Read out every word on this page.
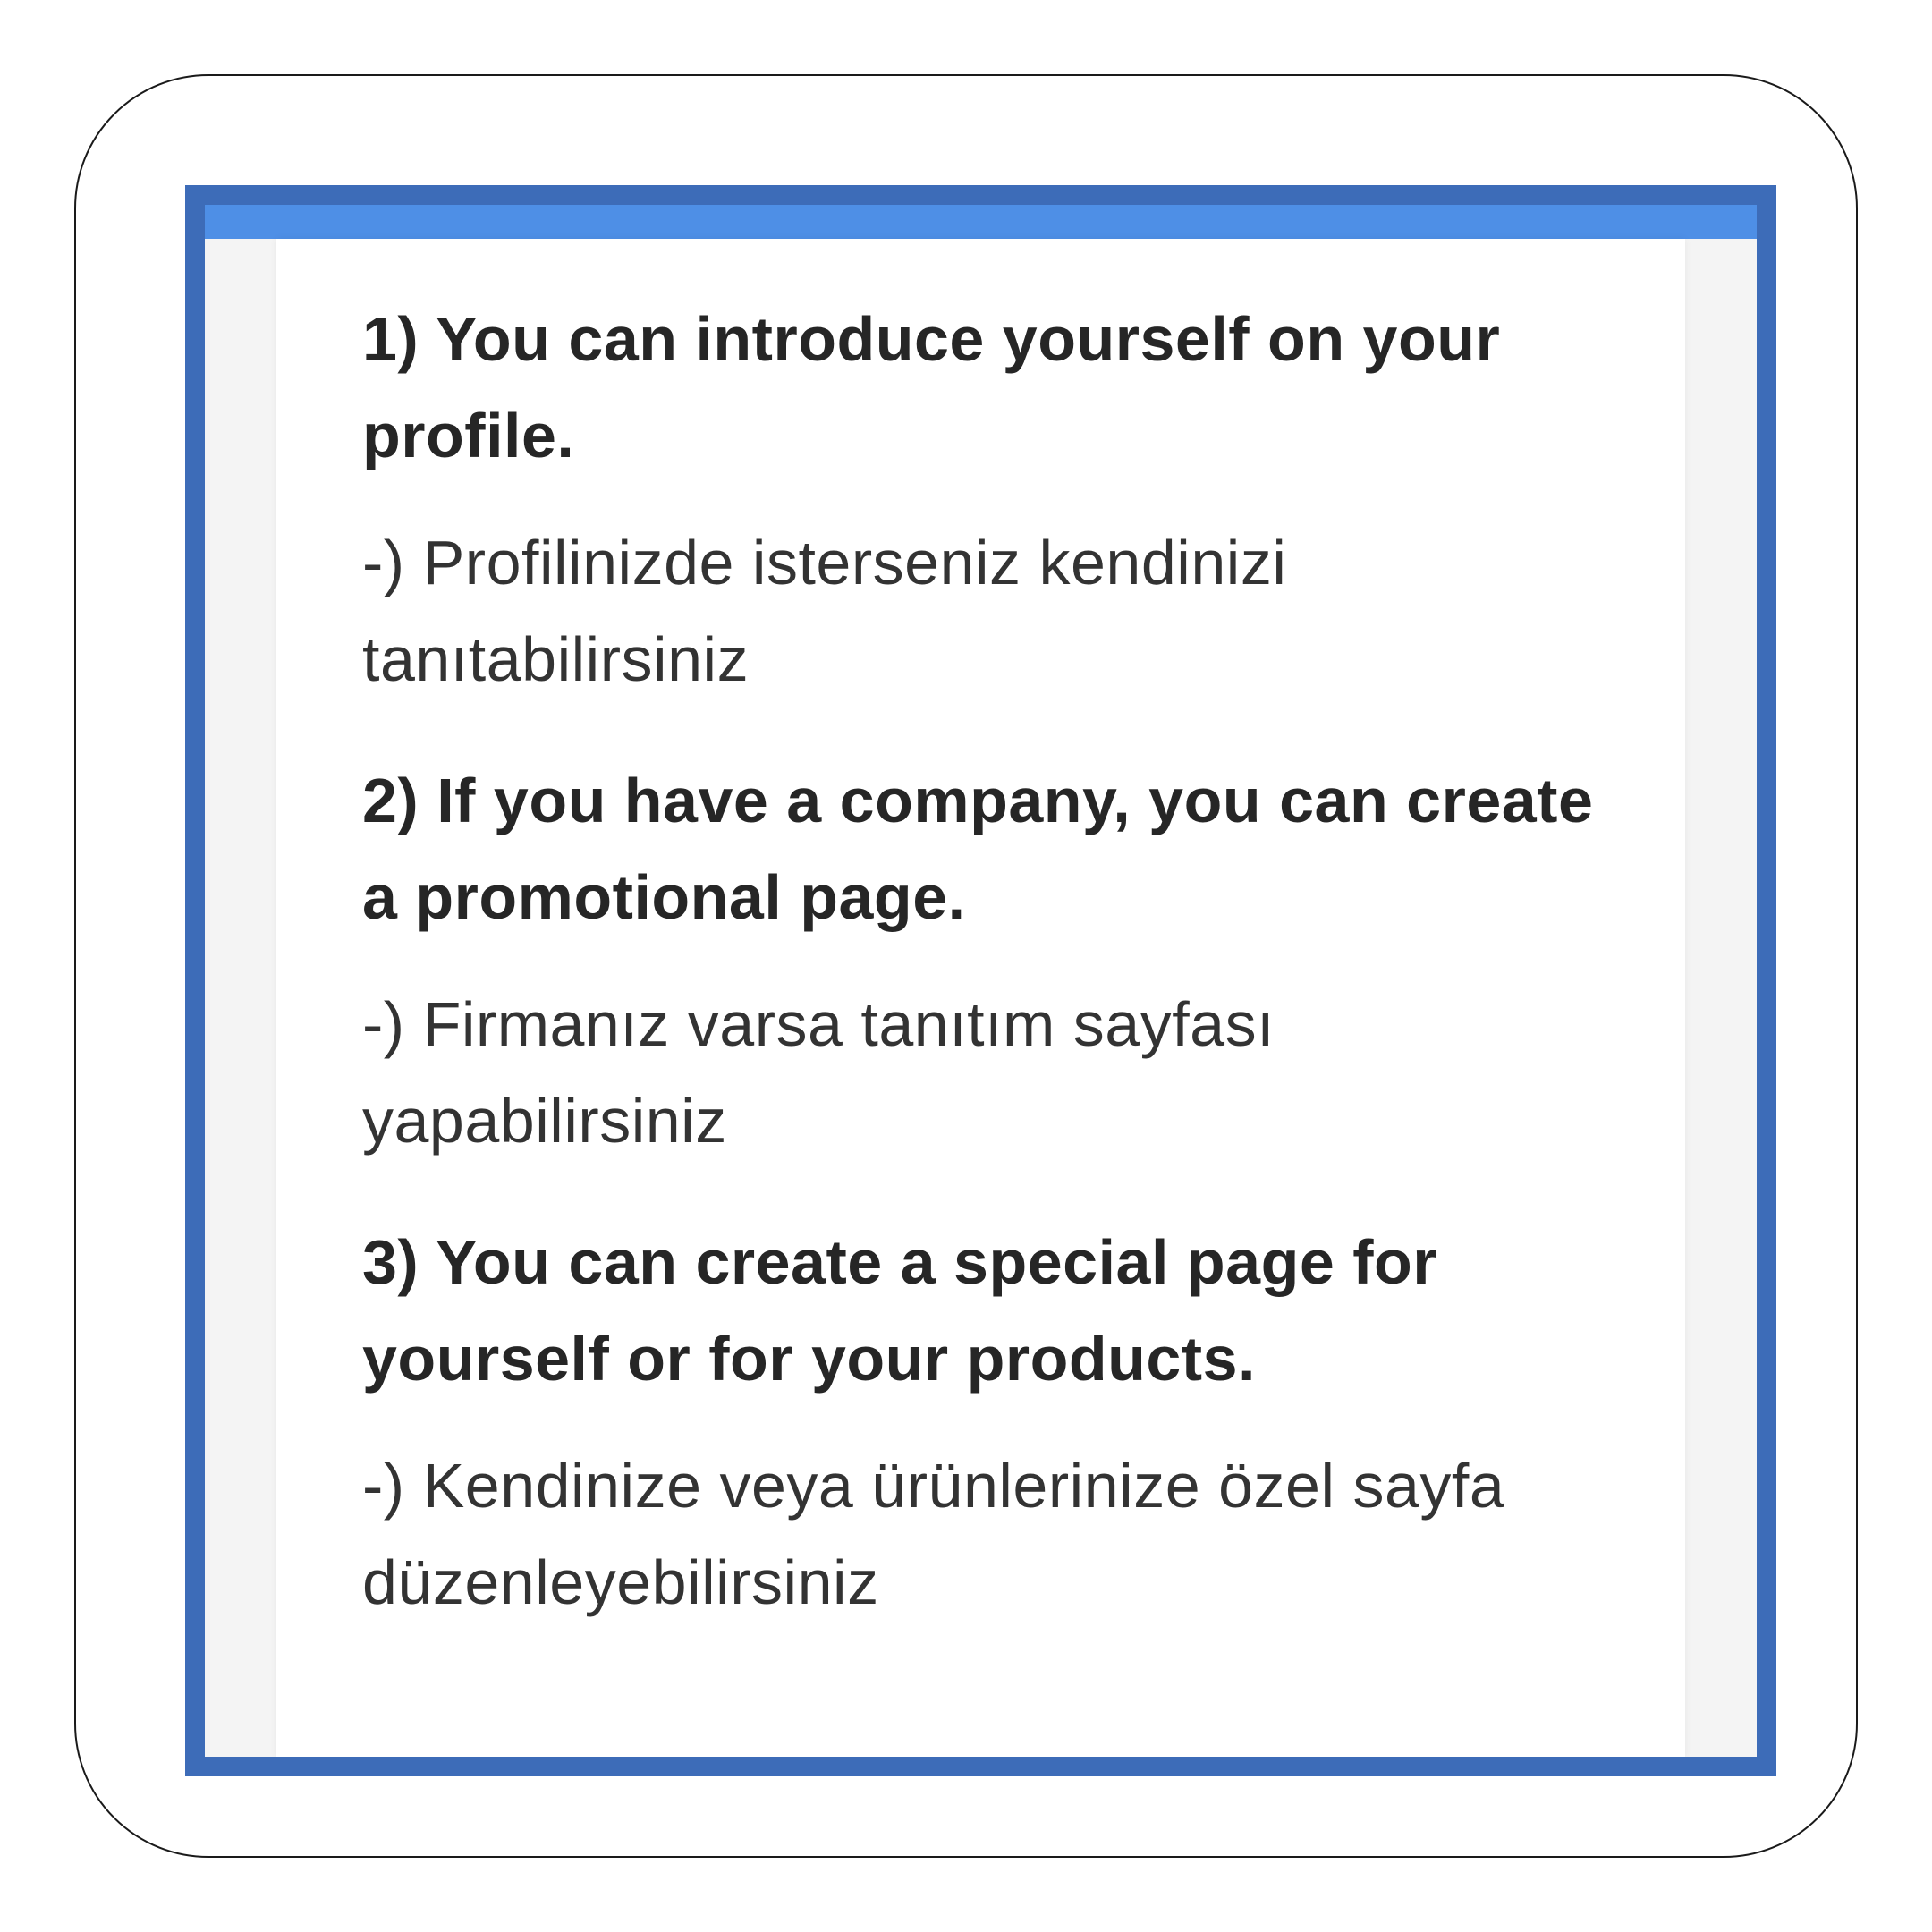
1) You can introduce yourself on your profile.

-) Profilinizde isterseniz kendinizi tanıtabilirsiniz

2) If you have a company, you can create a promotional page.

-) Firmanız varsa tanıtım sayfası yapabilirsiniz

3) You can create a special page for yourself or for your products.

-) Kendinize veya ürünlerinize özel sayfa düzenleyebilirsiniz
